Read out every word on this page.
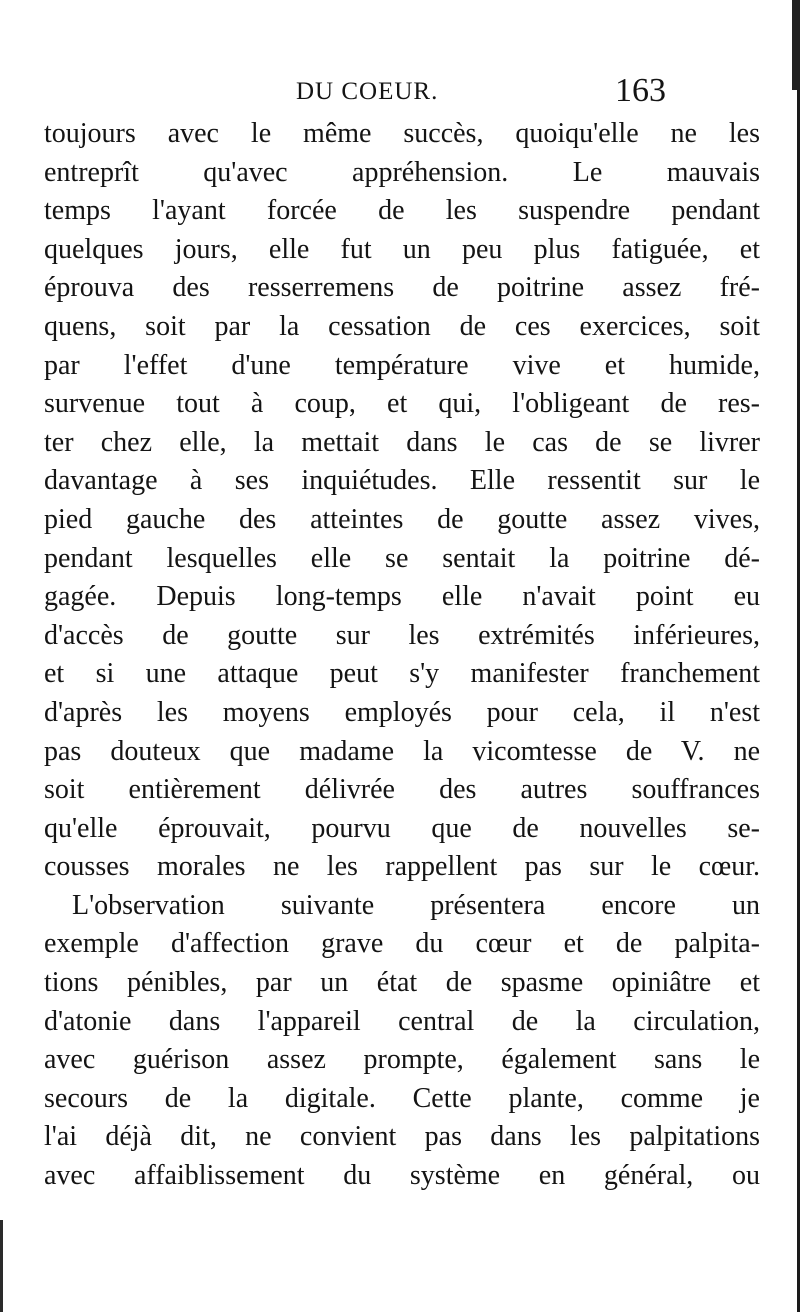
DU COEUR.	163
toujours avec le même succès, quoiqu'elle ne les
entreprît qu'avec appréhension. Le mauvais
temps l'ayant forcée de les suspendre pendant
quelques jours, elle fut un peu plus fatiguée, et
éprouva des resserremens de poitrine assez fré-
quens, soit par la cessation de ces exercices, soit
par l'effet d'une température vive et humide,
survenue tout à coup, et qui, l'obligeant de res-
ter chez elle, la mettait dans le cas de se livrer
davantage à ses inquiétudes. Elle ressentit sur le
pied gauche des atteintes de goutte assez vives,
pendant lesquelles elle se sentait la poitrine dé-
gagée. Depuis long-temps elle n'avait point eu
d'accès de goutte sur les extrémités inférieures,
et si une attaque peut s'y manifester franchement
d'après les moyens employés pour cela, il n'est
pas douteux que madame la vicomtesse de V. ne
soit entièrement délivrée des autres souffrances
qu'elle éprouvait, pourvu que de nouvelles se-
cousses morales ne les rappellent pas sur le cœur.
L'observation suivante présentera encore un
exemple d'affection grave du cœur et de palpita-
tions pénibles, par un état de spasme opiniâtre et
d'atonie dans l'appareil central de la circulation,
avec guérison assez prompte, également sans le
secours de la digitale. Cette plante, comme je
l'ai déjà dit, ne convient pas dans les palpitations
avec affaiblissement du système en général, ou
